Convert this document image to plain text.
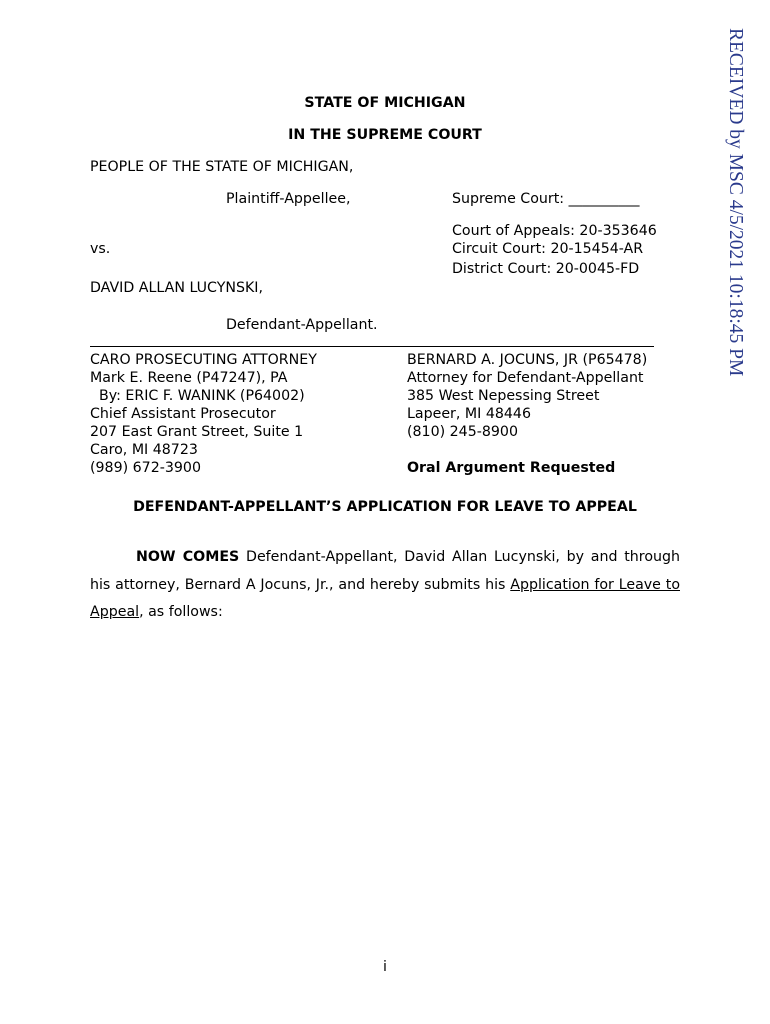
RECEIVED by MSC 4/5/2021 10:18:45 PM
STATE OF MICHIGAN
IN THE SUPREME COURT
PEOPLE OF THE STATE OF MICHIGAN,
Plaintiff-Appellee,	Supreme Court: __________
Court of Appeals: 20-353646
vs.	Circuit Court: 20-15454-AR
District Court: 20-0045-FD
DAVID ALLAN LUCYNSKI,
Defendant-Appellant.
CARO PROSECUTING ATTORNEY
Mark E. Reene (P47247), PA
By: ERIC F. WANINK (P64002)
Chief Assistant Prosecutor
207 East Grant Street, Suite 1
Caro, MI 48723
(989) 672-3900
BERNARD A. JOCUNS, JR (P65478)
Attorney for Defendant-Appellant
385 West Nepessing Street
Lapeer, MI 48446
(810) 245-8900
Oral Argument Requested
DEFENDANT-APPELLANT’S APPLICATION FOR LEAVE TO APPEAL
NOW COMES Defendant-Appellant, David Allan Lucynski, by and through his attorney, Bernard A Jocuns, Jr., and hereby submits his Application for Leave to Appeal, as follows:
i
